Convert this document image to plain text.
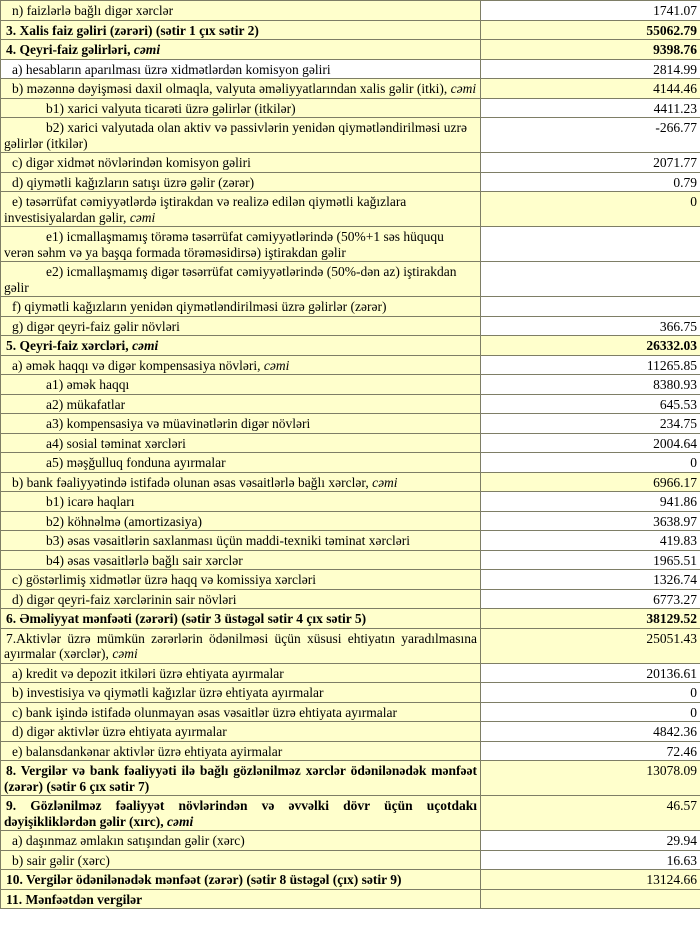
n) faizlərlə bağlı digər xərclər	1741.07
3. Xalis faiz gəliri (zərəri) (sətir 1 çıx sətir 2)	55062.79
4. Qeyri-faiz gəlirləri, cəmi	9398.76
a) hesabların aparılması üzrə xidmətlərdən komisyon gəliri	2814.99
b) məzənnə dəyişməsi daxil olmaqla, valyuta əməliyyatlarından xalis gəlir (itki), cəmi	4144.46
b1) xarici valyuta ticarəti üzrə gəlirlər (itkilər)	4411.23
b2) xarici valyutada olan aktiv və passivlərin yenidən qiymətləndirilməsi uzrə gəlirlər (itkilər)	-266.77
c) digər xidmət növlərindən komisyon gəliri	2071.77
d) qiymətli kağızların satışı üzrə gəlir (zərər)	0.79
e) təsərrüfat cəmiyyətlərdə iştirakdan və realizə edilən qiymətli kağızlara investisiyalardan gəlir, cəmi	0
e1) icmallaşmamış törəmə təsərrüfat cəmiyyətlərində (50%+1 səs hüququ verən səhm və ya başqa formada törəməsidirsə) iştirakdan gəlir	
e2) icmallaşmamış digər təsərrüfat cəmiyyətlərində (50%-dən az) iştirakdan gəlir	
f) qiymətli kağızların yenidən qiymətləndirilməsi üzrə gəlirlər (zərər)	
g) digər qeyri-faiz gəlir növləri	366.75
5. Qeyri-faiz xərcləri, cəmi	26332.03
a) əmək haqqı və digər kompensasiya növləri, cəmi	11265.85
a1) əmək haqqı	8380.93
a2) mükafatlar	645.53
a3) kompensasiya və müavinətlərin digər növləri	234.75
a4) sosial təminat xərcləri	2004.64
a5) məşğulluq fonduna ayırmalar	0
b) bank fəaliyyətində istifadə olunan əsas vəsaitlərlə bağlı xərclər, cəmi	6966.17
b1) icarə haqları	941.86
b2) köhnəlmə (amortizasiya)	3638.97
b3) əsas vəsaitlərin saxlanması üçün maddi-texniki təminat xərcləri	419.83
b4) əsas vəsaitlərlə bağlı sair xərclər	1965.51
c) göstərlimiş xidmətlər üzrə haqq və komissiya xərcləri	1326.74
d) digər qeyri-faiz xərclərinin sair növləri	6773.27
6. Əməliyyat mənfəəti (zərəri) (sətir 3 üstəgəl sətir 4 çıx sətir 5)	38129.52
7.Aktivlər üzrə mümkün zərərlərin ödənilməsi üçün xüsusi ehtiyatın yaradılmasına ayırmalar (xərclər), cəmi	25051.43
a) kredit və depozit itkiləri üzrə ehtiyata ayırmalar	20136.61
b) investisiya və qiymətli kağızlar üzrə ehtiyata ayırmalar	0
c) bank işində istifadə olunmayan əsas vəsaitlər üzrə ehtiyata ayırmalar	0
d) digər aktivlər üzrə ehtiyata ayırmalar	4842.36
e) balansdankənar aktivlər üzrə ehtiyata ayirmalar	72.46
8. Vergilər və bank fəaliyyəti ilə bağlı gözlənilməz xərclər ödənilənədək mənfəət (zərər) (sətir 6 çıx sətir 7)	13078.09
9. Gözlənilməz fəaliyyət növlərindən və əvvəlki dövr üçün uçotdakı dəyişikliklərdən gəlir (xırc), cəmi	46.57
a) daşınmaz əmlakın satışından gəlir (xərc)	29.94
b) sair gəlir (xərc)	16.63
10. Vergilər ödənilənədək mənfəət (zərər) (sətir 8 üstəgəl (çıx) sətir 9)	13124.66
11. Mənfəətdən vergilər	
